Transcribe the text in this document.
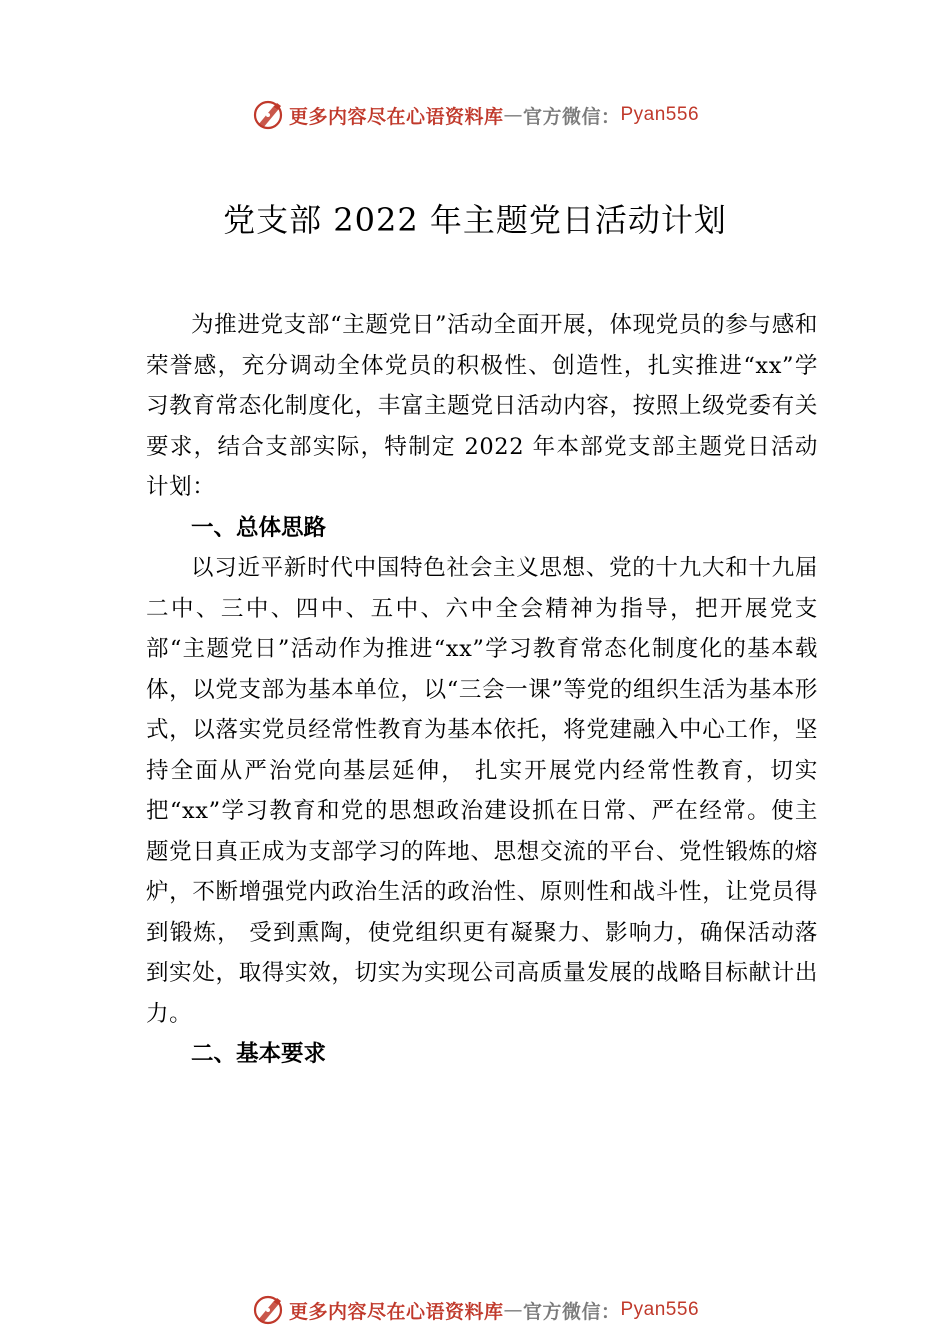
更多内容尽在心语资料库 — 官方微信： Pyan556
党支部 2022 年主题党日活动计划

为推进党支部“主题党日”活动全面开展，体现党员的参与感和荣誉感，充分调动全体党员的积极性、创造性，扎实推进“xx”学习教育常态化制度化，丰富主题党日活动内容，按照上级党委有关要求，结合支部实际，特制定 2022 年本部党支部主题党日活动计划：

一、总体思路

以习近平新时代中国特色社会主义思想、党的十九大和十九届二中、三中、四中、五中、六中全会精神为指导，把开展党支部“主题党日”活动作为推进“xx”学习教育常态化制度化的基本载体，以党支部为基本单位，以“三会一课”等党的组织生活为基本形式，以落实党员经常性教育为基本依托，将党建融入中心工作，坚持全面从严治党向基层延伸， 扎实开展党内经常性教育，切实把“xx”学习教育和党的思想政治建设抓在日常、严在经常。使主题党日真正成为支部学习的阵地、思想交流的平台、党性锻炼的熔炉，不断增强党内政治生活的政治性、原则性和战斗性，让党员得到锻炼， 受到熏陶，使党组织更有凝聚力、影响力，确保活动落到实处，取得实效，切实为实现公司高质量发展的战略目标献计出力。

二、基本要求

更多内容尽在心语资料库 — 官方微信： Pyan556
